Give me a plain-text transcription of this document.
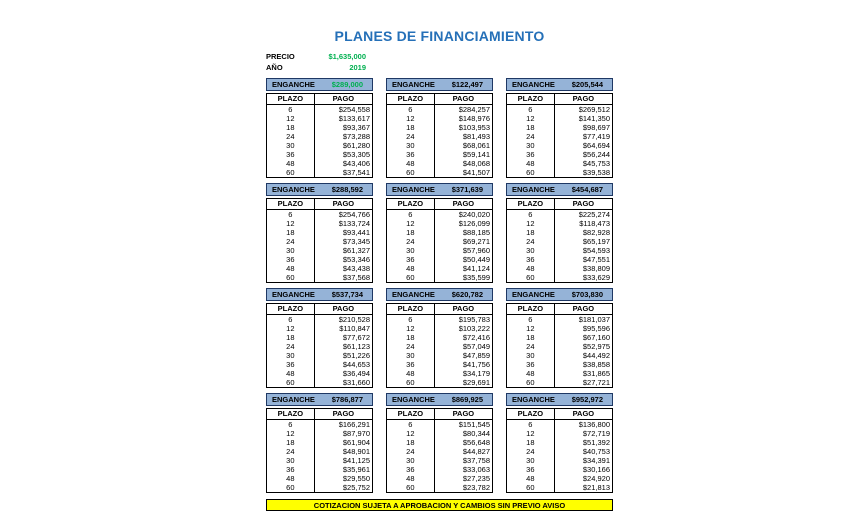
PLANES DE FINANCIAMIENTO
PRECIO	$1,635,000
AÑO	2019
ENGANCHE $289,000
PLAZO	PAGO
6	$254,558
12	$133,617
18	$93,367
24	$73,288
30	$61,280
36	$53,305
48	$43,406
60	$37,541
ENGANCHE $122,497
PLAZO	PAGO
6	$284,257
12	$148,976
18	$103,953
24	$81,493
30	$68,061
36	$59,141
48	$48,068
60	$41,507
ENGANCHE $205,544
PLAZO	PAGO
6	$269,512
12	$141,350
18	$98,697
24	$77,419
30	$64,694
36	$56,244
48	$45,753
60	$39,538
ENGANCHE $288,592
PLAZO	PAGO
6	$254,766
12	$133,724
18	$93,441
24	$73,345
30	$61,327
36	$53,346
48	$43,438
60	$37,568
ENGANCHE $371,639
PLAZO	PAGO
6	$240,020
12	$126,099
18	$88,185
24	$69,271
30	$57,960
36	$50,449
48	$41,124
60	$35,599
ENGANCHE $454,687
PLAZO	PAGO
6	$225,274
12	$118,473
18	$82,928
24	$65,197
30	$54,593
36	$47,551
48	$38,809
60	$33,629
ENGANCHE $537,734
PLAZO	PAGO
6	$210,528
12	$110,847
18	$77,672
24	$61,123
30	$51,226
36	$44,653
48	$36,494
60	$31,660
ENGANCHE $620,782
PLAZO	PAGO
6	$195,783
12	$103,222
18	$72,416
24	$57,049
30	$47,859
36	$41,756
48	$34,179
60	$29,691
ENGANCHE $703,830
PLAZO	PAGO
6	$181,037
12	$95,596
18	$67,160
24	$52,975
30	$44,492
36	$38,858
48	$31,865
60	$27,721
ENGANCHE $786,877
PLAZO	PAGO
6	$166,291
12	$87,970
18	$61,904
24	$48,901
30	$41,125
36	$35,961
48	$29,550
60	$25,752
ENGANCHE $869,925
PLAZO	PAGO
6	$151,545
12	$80,344
18	$56,648
24	$44,827
30	$37,758
36	$33,063
48	$27,235
60	$23,782
ENGANCHE $952,972
PLAZO	PAGO
6	$136,800
12	$72,719
18	$51,392
24	$40,753
30	$34,391
36	$30,166
48	$24,920
60	$21,813
COTIZACION SUJETA A APROBACION Y CAMBIOS SIN PREVIO AVISO
